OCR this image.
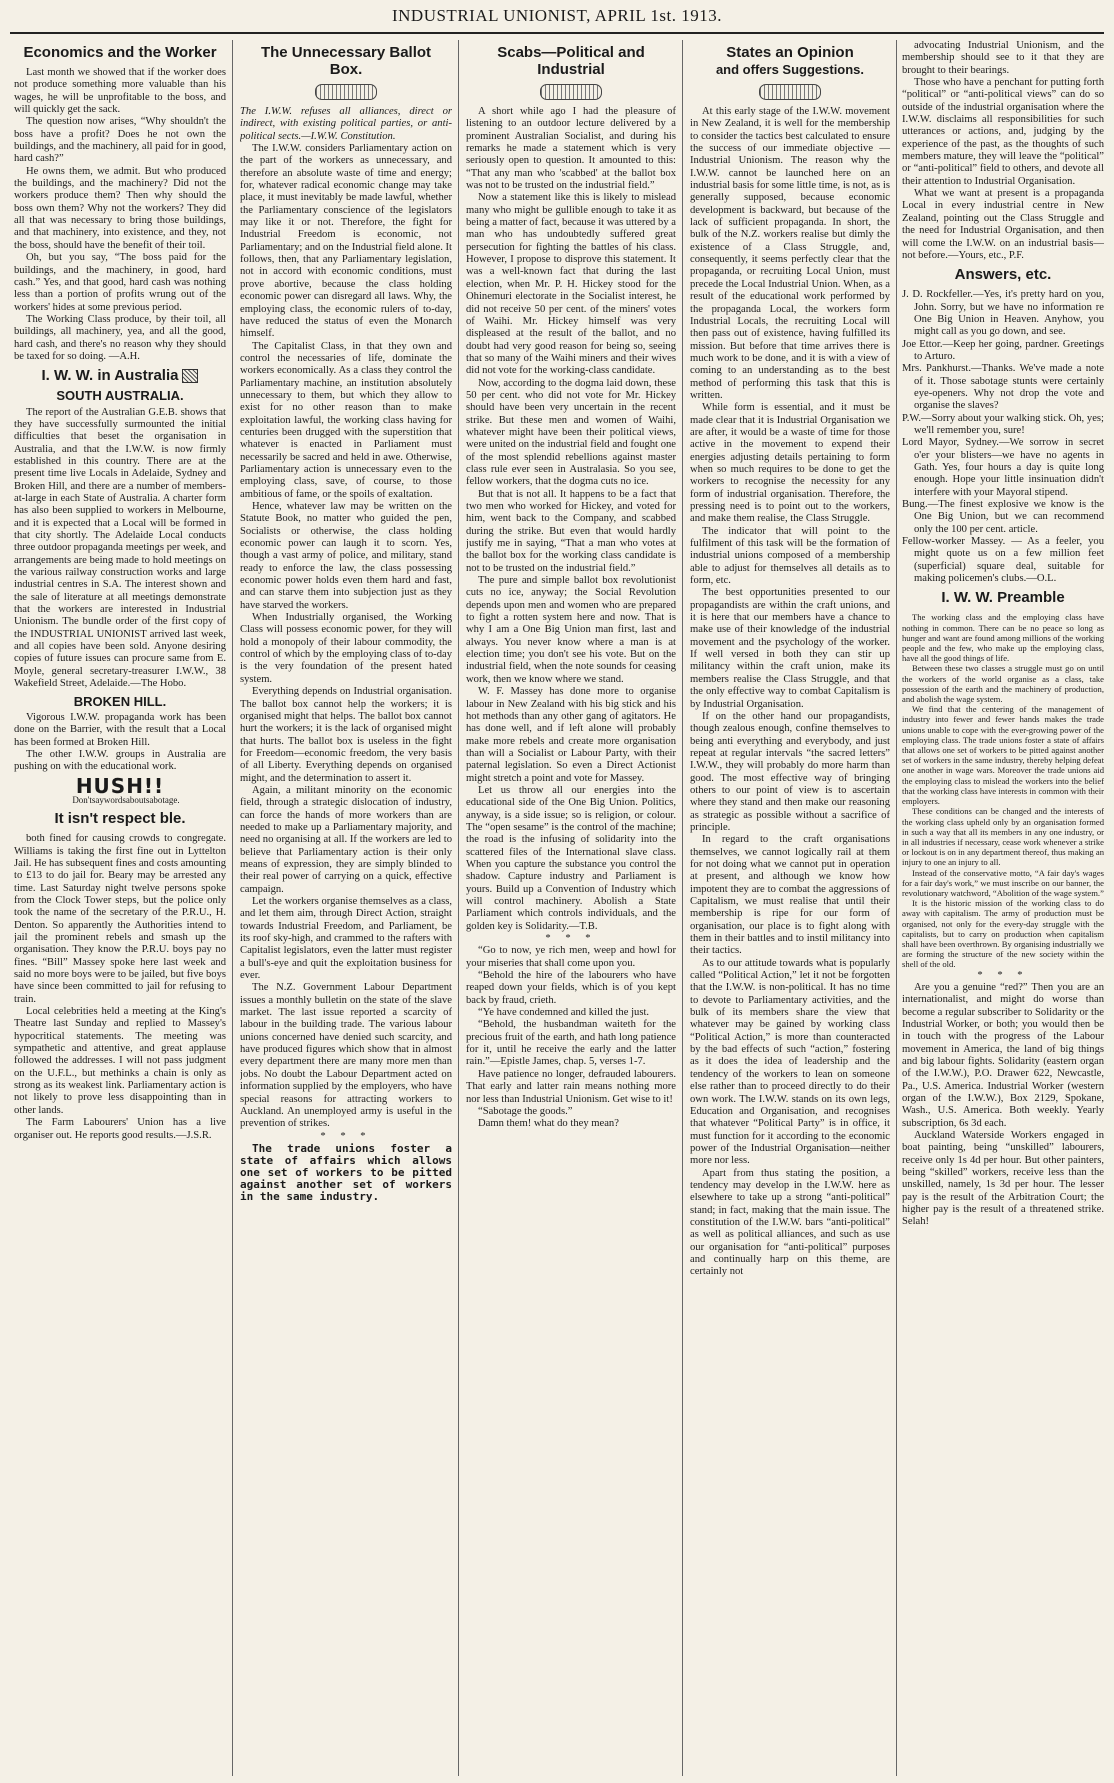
INDUSTRIAL UNIONIST, APRIL 1st. 1913.
Economics and the Worker

Last month we showed that if the worker does not produce something more valuable than his wages, he will be unprofitable to the boss, and will quickly get the sack.

The question now arises, “Why shouldn't the boss have a profit? Does he not own the buildings, and the machinery, all paid for in good, hard cash?”

He owns them, we admit. But who produced the buildings, and the machinery? Did not the workers produce them? Then why should the boss own them? Why not the workers? They did all that was necessary to bring those buildings, and that machinery, into existence, and they, not the boss, should have the benefit of their toil.

Oh, but you say, “The boss paid for the buildings, and the machinery, in good, hard cash.” Yes, and that good, hard cash was nothing less than a portion of profits wrung out of the workers' hides at some previous period.

The Working Class produce, by their toil, all buildings, all machinery, yea, and all the good, hard cash, and there's no reason why they should be taxed for so doing. —A.H.

I. W. W. in Australia
SOUTH AUSTRALIA.

The report of the Australian G.E.B. shows that they have successfully surmounted the initial difficulties that beset the organisation in Australia, and that the I.W.W. is now firmly established in this country. There are at the present time live Locals in Adelaide, Sydney and Broken Hill, and there are a number of members-at-large in each State of Australia. A charter form has also been supplied to workers in Melbourne, and it is expected that a Local will be formed in that city shortly. The Adelaide Local conducts three outdoor propaganda meetings per week, and arrangements are being made to hold meetings on the various railway construction works and large industrial centres in S.A. The interest shown and the sale of literature at all meetings demonstrate that the workers are interested in Industrial Unionism. The bundle order of the first copy of the INDUSTRIAL UNIONIST arrived last week, and all copies have been sold. Anyone desiring copies of future issues can procure same from E. Moyle, general secretary-treasurer I.W.W., 38 Wakefield Street, Adelaide.—The Hobo.

BROKEN HILL.

Vigorous I.W.W. propaganda work has been done on the Barrier, with the result that a Local has been formed at Broken Hill.

The other I.W.W. groups in Australia are pushing on with the educational work.

HUSH!!

Don'tsaywordsaboutsabotage.

It isn't respect ble.

both fined for causing crowds to congregate. Williams is taking the first fine out in Lyttelton Jail. He has subsequent fines and costs amounting to £13 to do jail for. Beary may be arrested any time. Last Saturday night twelve persons spoke from the Clock Tower steps, but the police only took the name of the secretary of the P.R.U., H. Denton. So apparently the Authorities intend to jail the prominent rebels and smash up the organisation. They know the P.R.U. boys pay no fines. “Bill” Massey spoke here last week and said no more boys were to be jailed, but five boys have since been committed to jail for refusing to train.

Local celebrities held a meeting at the King's Theatre last Sunday and replied to Massey's hypocritical statements. The meeting was sympathetic and attentive, and great applause followed the addresses. I will not pass judgment on the U.F.L., but methinks a chain is only as strong as its weakest link. Parliamentary action is not likely to prove less disappointing than in other lands.

The Farm Labourers' Union has a live organiser out. He reports good results.—J.S.R.

The Unnecessary Ballot
Box.

The I.W.W. refuses all alliances, direct or indirect, with existing political parties, or anti-political sects.—I.W.W. Constitution.

The I.W.W. considers Parliamentary action on the part of the workers as unnecessary, and therefore an absolute waste of time and energy; for, whatever radical economic change may take place, it must inevitably be made lawful, whether the Parliamentary conscience of the legislators may like it or not. Therefore, the fight for Industrial Freedom is economic, not Parliamentary; and on the Industrial field alone. It follows, then, that any Parliamentary legislation, not in accord with economic conditions, must prove abortive, because the class holding economic power can disregard all laws. Why, the employing class, the economic rulers of to-day, have reduced the status of even the Monarch himself.

The Capitalist Class, in that they own and control the necessaries of life, dominate the workers economically. As a class they control the Parliamentary machine, an institution absolutely unnecessary to them, but which they allow to exist for no other reason than to make exploitation lawful, the working class having for centuries been drugged with the superstition that whatever is enacted in Parliament must necessarily be sacred and held in awe. Otherwise, Parliamentary action is unnecessary even to the employing class, save, of course, to those ambitious of fame, or the spoils of exaltation.

Hence, whatever law may be written on the Statute Book, no matter who guided the pen, Socialists or otherwise, the class holding economic power can laugh it to scorn. Yes, though a vast army of police, and military, stand ready to enforce the law, the class possessing economic power holds even them hard and fast, and can starve them into subjection just as they have starved the workers.

When Industrially organised, the Working Class will possess economic power, for they will hold a monopoly of their labour commodity, the control of which by the employing class of to-day is the very foundation of the present hated system.

Everything depends on Industrial organisation. The ballot box cannot help the workers; it is organised might that helps. The ballot box cannot hurt the workers; it is the lack of organised might that hurts. The ballot box is useless in the fight for Freedom—economic freedom, the very basis of all Liberty. Everything depends on organised might, and the determination to assert it.

Again, a militant minority on the economic field, through a strategic dislocation of industry, can force the hands of more workers than are needed to make up a Parliamentary majority, and need no organising at all. If the workers are led to believe that Parliamentary action is their only means of expression, they are simply blinded to their real power of carrying on a quick, effective campaign.

Let the workers organise themselves as a class, and let them aim, through Direct Action, straight towards Industrial Freedom, and Parliament, be its roof sky-high, and crammed to the rafters with Capitalist legislators, even the latter must register a bull's-eye and quit the exploitation business for ever.

The N.Z. Government Labour Department issues a monthly bulletin on the state of the slave market. The last issue reported a scarcity of labour in the building trade. The various labour unions concerned have denied such scarcity, and have produced figures which show that in almost every department there are many more men than jobs. No doubt the Labour Department acted on information supplied by the employers, who have special reasons for attracting workers to Auckland. An unemployed army is useful in the prevention of strikes.

* * *

The trade unions foster a state of affairs which allows one set of workers to be pitted against another set of workers in the same industry.

Scabs—Political and
Industrial

A short while ago I had the pleasure of listening to an outdoor lecture delivered by a prominent Australian Socialist, and during his remarks he made a statement which is very seriously open to question. It amounted to this: “That any man who 'scabbed' at the ballot box was not to be trusted on the industrial field.”

Now a statement like this is likely to mislead many who might be gullible enough to take it as being a matter of fact, because it was uttered by a man who has undoubtedly suffered great persecution for fighting the battles of his class. However, I propose to disprove this statement. It was a well-known fact that during the last election, when Mr. P. H. Hickey stood for the Ohinemuri electorate in the Socialist interest, he did not receive 50 per cent. of the miners' votes of Waihi. Mr. Hickey himself was very displeased at the result of the ballot, and no doubt had very good reason for being so, seeing that so many of the Waihi miners and their wives did not vote for the working-class candidate.

Now, according to the dogma laid down, these 50 per cent. who did not vote for Mr. Hickey should have been very uncertain in the recent strike. But these men and women of Waihi, whatever might have been their political views, were united on the industrial field and fought one of the most splendid rebellions against master class rule ever seen in Australasia. So you see, fellow workers, that the dogma cuts no ice.

But that is not all. It happens to be a fact that two men who worked for Hickey, and voted for him, went back to the Company, and scabbed during the strike. But even that would hardly justify me in saying, “That a man who votes at the ballot box for the working class candidate is not to be trusted on the industrial field.”

The pure and simple ballot box revolutionist cuts no ice, anyway; the Social Revolution depends upon men and women who are prepared to fight a rotten system here and now. That is why I am a One Big Union man first, last and always. You never know where a man is at election time; you don't see his vote. But on the industrial field, when the note sounds for ceasing work, then we know where we stand.

W. F. Massey has done more to organise labour in New Zealand with his big stick and his hot methods than any other gang of agitators. He has done well, and if left alone will probably make more rebels and create more organisation than will a Socialist or Labour Party, with their paternal legislation. So even a Direct Actionist might stretch a point and vote for Massey.

Let us throw all our energies into the educational side of the One Big Union. Politics, anyway, is a side issue; so is religion, or colour. The “open sesame” is the control of the machine; the road is the infusing of solidarity into the scattered files of the International slave class. When you capture the substance you control the shadow. Capture industry and Parliament is yours. Build up a Convention of Industry which will control machinery. Abolish a State Parliament which controls individuals, and the golden key is Solidarity.—T.B.

* * *

“Go to now, ye rich men, weep and howl for your miseries that shall come upon you.

“Behold the hire of the labourers who have reaped down your fields, which is of you kept back by fraud, crieth.

“Ye have condemned and killed the just.

“Behold, the husbandman waiteth for the precious fruit of the earth, and hath long patience for it, until he receive the early and the latter rain.”—Epistle James, chap. 5, verses 1-7.

Have patience no longer, defrauded labourers. That early and latter rain means nothing more nor less than Industrial Unionism. Get wise to it!

“Sabotage the goods.”

Damn them! what do they mean?

States an Opinion
and offers Suggestions.

At this early stage of the I.W.W. movement in New Zealand, it is well for the membership to consider the tactics best calculated to ensure the success of our immediate objective — Industrial Unionism. The reason why the I.W.W. cannot be launched here on an industrial basis for some little time, is not, as is generally supposed, because economic development is backward, but because of the lack of sufficient propaganda. In short, the bulk of the N.Z. workers realise but dimly the existence of a Class Struggle, and, consequently, it seems perfectly clear that the propaganda, or recruiting Local Union, must precede the Local Industrial Union. When, as a result of the educational work performed by the propaganda Local, the workers form Industrial Locals, the recruiting Local will then pass out of existence, having fulfilled its mission. But before that time arrives there is much work to be done, and it is with a view of coming to an understanding as to the best method of performing this task that this is written.

While form is essential, and it must be made clear that it is Industrial Organisation we are after, it would be a waste of time for those active in the movement to expend their energies adjusting details pertaining to form when so much requires to be done to get the workers to recognise the necessity for any form of industrial organisation. Therefore, the pressing need is to point out to the workers, and make them realise, the Class Struggle.

The indicator that will point to the fulfilment of this task will be the formation of industrial unions composed of a membership able to adjust for themselves all details as to form, etc.

The best opportunities presented to our propagandists are within the craft unions, and it is here that our members have a chance to make use of their knowledge of the industrial movement and the psychology of the worker. If well versed in both they can stir up militancy within the craft union, make its members realise the Class Struggle, and that the only effective way to combat Capitalism is by Industrial Organisation.

If on the other hand our propagandists, though zealous enough, confine themselves to being anti everything and everybody, and just repeat at regular intervals “the sacred letters” I.W.W., they will probably do more harm than good. The most effective way of bringing others to our point of view is to ascertain where they stand and then make our reasoning as strategic as possible without a sacrifice of principle.

In regard to the craft organisations themselves, we cannot logically rail at them for not doing what we cannot put in operation at present, and although we know how impotent they are to combat the aggressions of Capitalism, we must realise that until their membership is ripe for our form of organisation, our place is to fight along with them in their battles and to instil militancy into their tactics.

As to our attitude towards what is popularly called “Political Action,” let it not be forgotten that the I.W.W. is non-political. It has no time to devote to Parliamentary activities, and the bulk of its members share the view that whatever may be gained by working class “Political Action,” is more than counteracted by the bad effects of such “action,” fostering as it does the idea of leadership and the tendency of the workers to lean on someone else rather than to proceed directly to do their own work. The I.W.W. stands on its own legs, Education and Organisation, and recognises that whatever “Political Party” is in office, it must function for it according to the economic power of the Industrial Organisation—neither more nor less.

Apart from thus stating the position, a tendency may develop in the I.W.W. here as elsewhere to take up a strong “anti-political” stand; in fact, making that the main issue. The constitution of the I.W.W. bars “anti-political” as well as political alliances, and such as use our organisation for “anti-political” purposes and continually harp on this theme, are certainly not

advocating Industrial Unionism, and the membership should see to it that they are brought to their bearings.

Those who have a penchant for putting forth “political” or “anti-political views” can do so outside of the industrial organisation where the I.W.W. disclaims all responsibilities for such utterances or actions, and, judging by the experience of the past, as the thoughts of such members mature, they will leave the “political” or “anti-political” field to others, and devote all their attention to Industrial Organisation.

What we want at present is a propaganda Local in every industrial centre in New Zealand, pointing out the Class Struggle and the need for Industrial Organisation, and then will come the I.W.W. on an industrial basis—not before.—Yours, etc., P.F.

Answers, etc.

J. D. Rockfeller.—Yes, it's pretty hard on you, John. Sorry, but we have no information re One Big Union in Heaven. Anyhow, you might call as you go down, and see.

Joe Ettor.—Keep her going, pardner. Greetings to Arturo.

Mrs. Pankhurst.—Thanks. We've made a note of it. Those sabotage stunts were certainly eye-openers. Why not drop the vote and organise the slaves?

P.W.—Sorry about your walking stick. Oh, yes; we'll remember you, sure!

Lord Mayor, Sydney.—We sorrow in secret o'er your blisters—we have no agents in Gath. Yes, four hours a day is quite long enough. Hope your little insinuation didn't interfere with your Mayoral stipend.

Bung.—The finest explosive we know is the One Big Union, but we can recommend only the 100 per cent. article.

Fellow-worker Massey. — As a feeler, you might quote us on a few million feet (superficial) square deal, suitable for making policemen's clubs.—O.L.

I. W. W. Preamble

The working class and the employing class have nothing in common. There can be no peace so long as hunger and want are found among millions of the working people and the few, who make up the employing class, have all the good things of life.

Between these two classes a struggle must go on until the workers of the world organise as a class, take possession of the earth and the machinery of production, and abolish the wage system.

We find that the centering of the management of industry into fewer and fewer hands makes the trade unions unable to cope with the ever-growing power of the employing class. The trade unions foster a state of affairs that allows one set of workers to be pitted against another set of workers in the same industry, thereby helping defeat one another in wage wars. Moreover the trade unions aid the employing class to mislead the workers into the belief that the working class have interests in common with their employers.

These conditions can be changed and the interests of the working class upheld only by an organisation formed in such a way that all its members in any one industry, or in all industries if necessary, cease work whenever a strike or lockout is on in any department thereof, thus making an injury to one an injury to all.

Instead of the conservative motto, “A fair day's wages for a fair day's work,” we must inscribe on our banner, the revolutionary watchword, “Abolition of the wage system.”

It is the historic mission of the working class to do away with capitalism. The army of production must be organised, not only for the every-day struggle with the capitalists, but to carry on production when capitalism shall have been overthrown. By organising industrially we are forming the structure of the new society within the shell of the old.

* * *

Are you a genuine “red?” Then you are an internationalist, and might do worse than become a regular subscriber to Solidarity or the Industrial Worker, or both; you would then be in touch with the progress of the Labour movement in America, the land of big things and big labour fights. Solidarity (eastern organ of the I.W.W.), P.O. Drawer 622, Newcastle, Pa., U.S. America. Industrial Worker (western organ of the I.W.W.), Box 2129, Spokane, Wash., U.S. America. Both weekly. Yearly subscription, 6s 3d each.

Auckland Waterside Workers engaged in boat painting, being “unskilled” labourers, receive only 1s 4d per hour. But other painters, being “skilled” workers, receive less than the unskilled, namely, 1s 3d per hour. The lesser pay is the result of the Arbitration Court; the higher pay is the result of a threatened strike. Selah!
